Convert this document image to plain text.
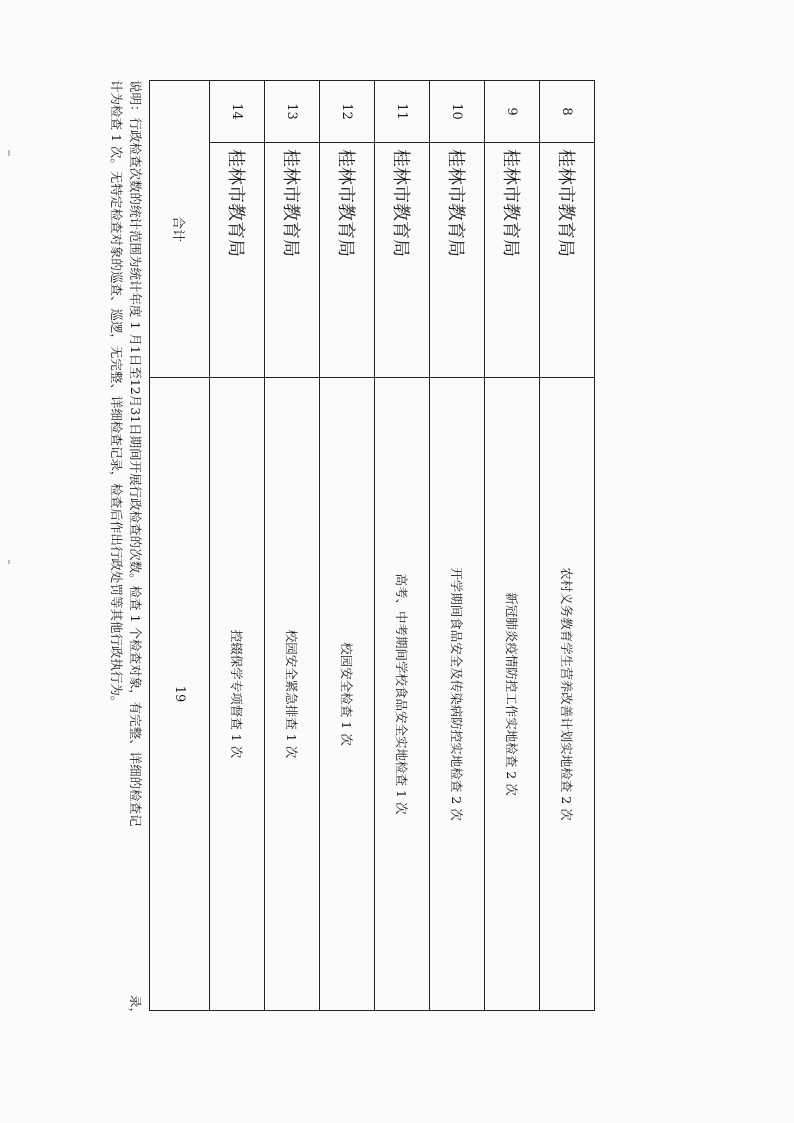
8	桂林市教育局	农村义务教育学生营养改善计划实地检查 2 次
9	桂林市教育局	新冠肺炎疫情防控工作实地检查 2 次
10	桂林市教育局	开学期间食品安全及传染病防控实地检查 2 次
11	桂林市教育局	高考、中考期间学校食品安全实地检查 1 次
12	桂林市教育局	校园安全检查 1 次
13	桂林市教育局	校园安全紧急排查 1 次
14	桂林市教育局	控辍保学专项督查 1 次
合计		19
说明：行政检查次数的统计范围为统计年度 1 月1日至12月31日期间开展行政检查的次数。检查 1 个检查对象，有完整、详细的检查记
录，
计为检查 1 次。无特定检查对象的巡查、巡逻，无完整、详细检查记录，检查后作出行政处罚等其他行政执行为。
